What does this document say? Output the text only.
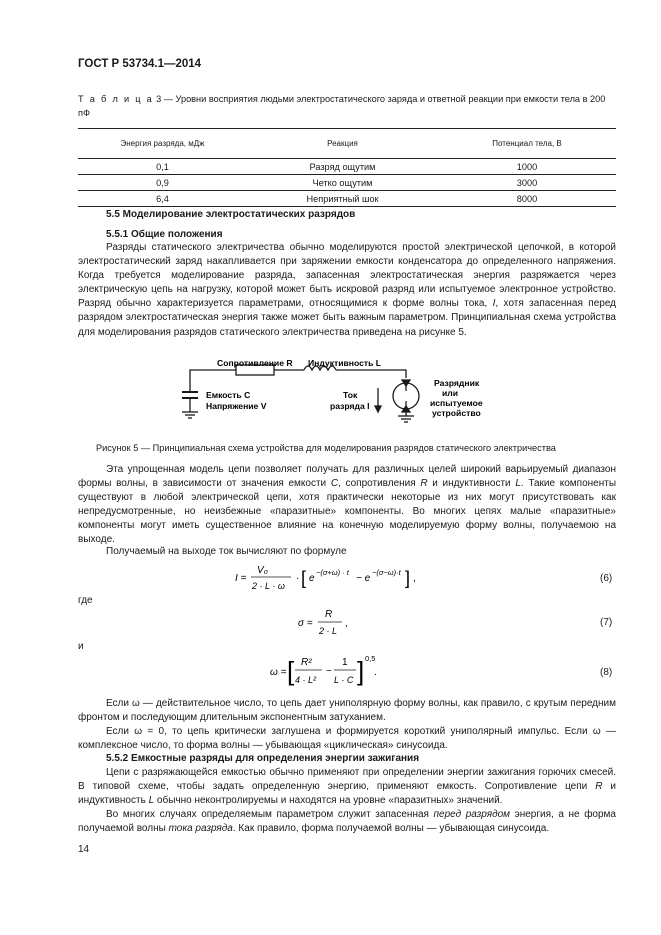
ГОСТ Р 53734.1—2014
Т а б л и ц а 3 — Уровни восприятия людьми электростатического заряда и ответной реакции при емкости тела в 200 пФ
Энергия разряда, мДж	Реакция	Потенциал тела, В
0,1	Разряд ощутим	1000
0,9	Четко ощутим	3000
6,4	Неприятный шок	8000
5.5 Моделирование электростатических разрядов
5.5.1 Общие положения
Разряды статического электричества обычно моделируются простой электрической цепочкой, в которой электростатический заряд накапливается при заряжении емкости конденсатора до определенного напряжения. Когда требуется моделирование разряда, запасенная электростатическая энергия разряжается через электрическую цепь на нагрузку, которой может быть искровой разряд или испытуемое электронное устройство. Разряд обычно характеризуется параметрами, относящимися к форме волны тока, I, хотя запасенная перед разрядом электростатическая энергия также может быть важным параметром. Принципиальная схема устройства для моделирования разрядов статического электричества приведена на рисунке 5.
Сопротивление R Индуктивность L
Емкость C
Напряжение V
Ток
разряда I
Разрядник
или
испытуемое
устройство
Рисунок 5 — Принципиальная схема устройства для моделирования разрядов статического электричества
Эта упрощенная модель цепи позволяет получать для различных целей широкий варьируемый диапазон формы волны, в зависимости от значения емкости C, сопротивления R и индуктивности L. Такие компоненты существуют в любой электрической цепи, хотя практически некоторые из них могут присутствовать как непредусмотренные, но неизбежные «паразитные» компоненты. Во многих цепях малые «паразитные» компоненты могут иметь существенное влияние на конечную моделируемую форму волны, получаемою на выходе.
Получаемый на выходе ток вычисляют по формуле
I =
V₀
2 · L · ω
· [ e
−(σ+ω) · t
− e
−(σ−ω)·t ] ,	(6)
где
σ =
R
2 · L
,	(7)
и
ω = [ R²
4 · L²
−
1
L · C ] 0,5
.	(8)
Если ω — действительное число, то цепь дает униполярную форму волны, как правило, с крутым передним фронтом и последующим длительным экспонентным затуханием.
Если ω = 0, то цепь критически заглушена и формируется короткий униполярный импульс. Если ω — комплексное число, то форма волны — убывающая «циклическая» синусоида.
5.5.2 Емкостные разряды для определения энергии зажигания
Цепи с разряжающейся емкостью обычно применяют при определении энергии зажигания горючих смесей. В типовой схеме, чтобы задать определенную энергию, применяют емкость. Сопротивление цепи R и индуктивность L обычно неконтролируемы и находятся на уровне «паразитных» значений.
Во многих случаях определяемым параметром служит запасенная перед разрядом энергия, а не форма получаемой волны тока разряда. Как правило, форма получаемой волны — убывающая синусоида.
14
